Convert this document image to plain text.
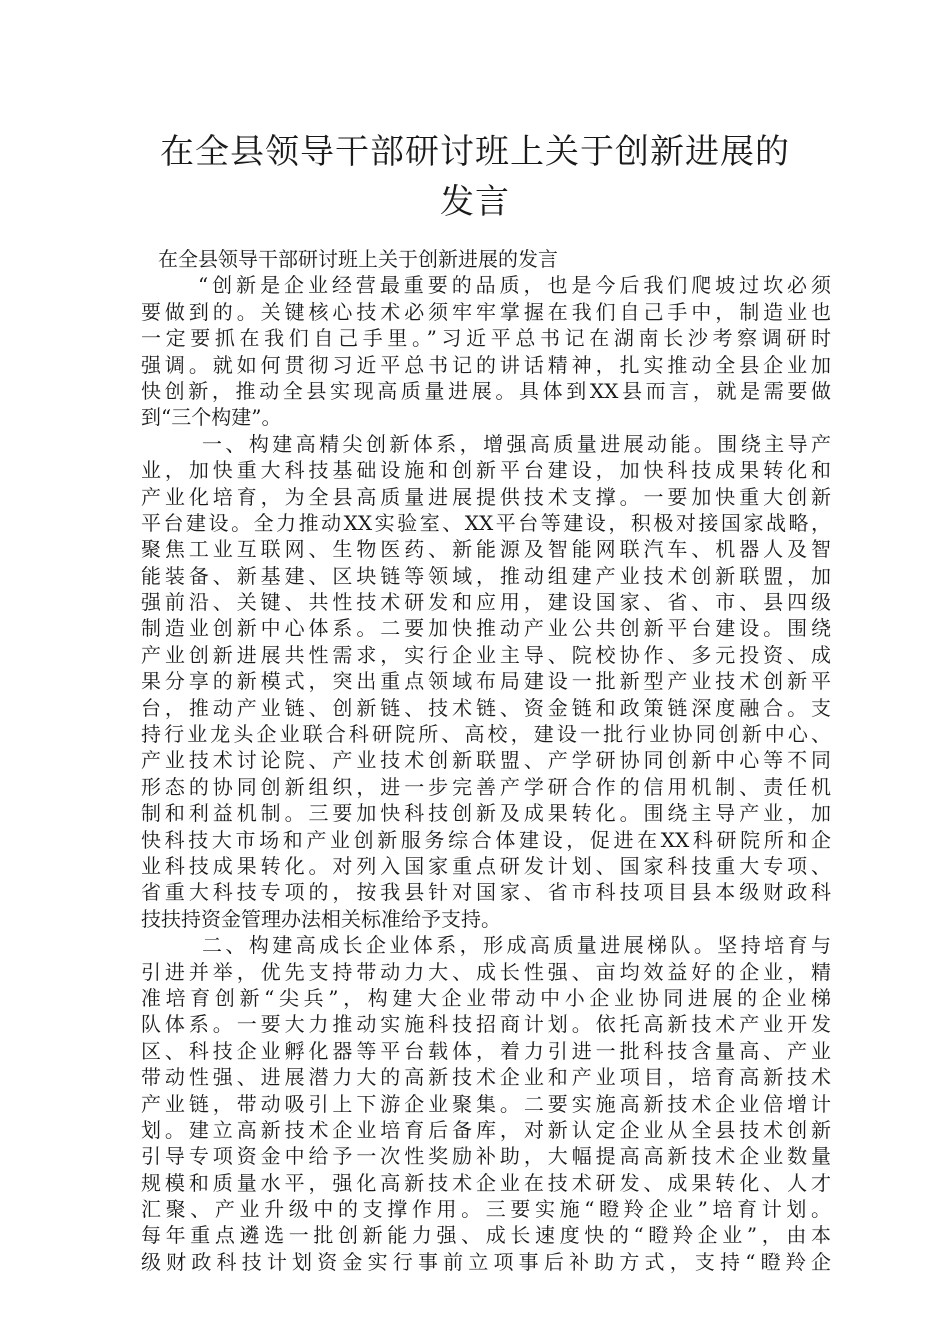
在全县领导干部研讨班上关于创新进展的
发言
在全县领导干部研讨班上关于创新进展的发言
“创新是企业经营最重要的品质，也是今后我们爬坡过坎必须
要做到的。关键核心技术必须牢牢掌握在我们自己手中，制造业也
一定要抓在我们自己手里。”习近平总书记在湖南长沙考察调研时
强调。就如何贯彻习近平总书记的讲话精神，扎实推动全县企业加
快创新，推动全县实现高质量进展。具体到XX县而言，就是需要做
到“三个构建”。
一、构建高精尖创新体系，增强高质量进展动能。围绕主导产
业，加快重大科技基础设施和创新平台建设，加快科技成果转化和
产业化培育，为全县高质量进展提供技术支撑。一要加快重大创新
平台建设。全力推动XX实验室、XX平台等建设，积极对接国家战略，
聚焦工业互联网、生物医药、新能源及智能网联汽车、机器人及智
能装备、新基建、区块链等领域，推动组建产业技术创新联盟，加
强前沿、关键、共性技术研发和应用，建设国家、省、市、县四级
制造业创新中心体系。二要加快推动产业公共创新平台建设。围绕
产业创新进展共性需求，实行企业主导、院校协作、多元投资、成
果分享的新模式，突出重点领域布局建设一批新型产业技术创新平
台，推动产业链、创新链、技术链、资金链和政策链深度融合。支
持行业龙头企业联合科研院所、高校，建设一批行业协同创新中心、
产业技术讨论院、产业技术创新联盟、产学研协同创新中心等不同
形态的协同创新组织，进一步完善产学研合作的信用机制、责任机
制和利益机制。三要加快科技创新及成果转化。围绕主导产业，加
快科技大市场和产业创新服务综合体建设，促进在XX科研院所和企
业科技成果转化。对列入国家重点研发计划、国家科技重大专项、
省重大科技专项的，按我县针对国家、省市科技项目县本级财政科
技扶持资金管理办法相关标准给予支持。
二、构建高成长企业体系，形成高质量进展梯队。坚持培育与
引进并举，优先支持带动力大、成长性强、亩均效益好的企业，精
准培育创新“尖兵”，构建大企业带动中小企业协同进展的企业梯
队体系。一要大力推动实施科技招商计划。依托高新技术产业开发
区、科技企业孵化器等平台载体，着力引进一批科技含量高、产业
带动性强、进展潜力大的高新技术企业和产业项目，培育高新技术
产业链，带动吸引上下游企业聚集。二要实施高新技术企业倍增计
划。建立高新技术企业培育后备库，对新认定企业从全县技术创新
引导专项资金中给予一次性奖励补助，大幅提高高新技术企业数量
规模和质量水平，强化高新技术企业在技术研发、成果转化、人才
汇聚、产业升级中的支撑作用。三要实施“瞪羚企业”培育计划。
每年重点遴选一批创新能力强、成长速度快的“瞪羚企业”，由本
级财政科技计划资金实行事前立项事后补助方式，支持“瞪羚企
